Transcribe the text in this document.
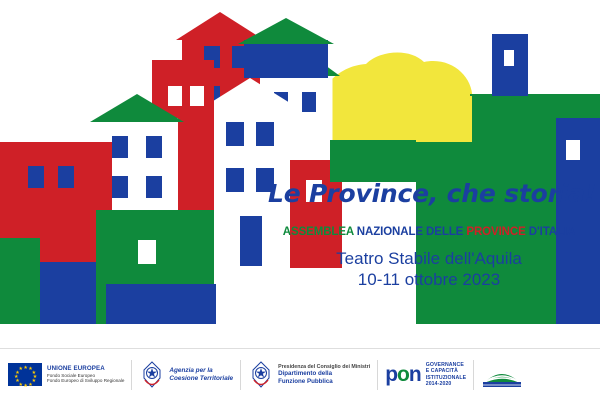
Le Province, che storia!
ASSEMBLEA NAZIONALE DELLE PROVINCE D'ITALIA
Teatro Stabile dell'Aquila
10-11 ottobre 2023
★ ★
★
★
★
★
★
★
★
★
★
★	UNIONE EUROPEA
Fondo Sociale Europeo
Fondo Europeo di Sviluppo Regionale
Agenzia per la
Coesione Territoriale
Presidenza del Consiglio dei Ministri
Dipartimento della
Funzione Pubblica	pon GOVERNANCE
E CAPACITÀ
ISTITUZIONALE
2014-2020
